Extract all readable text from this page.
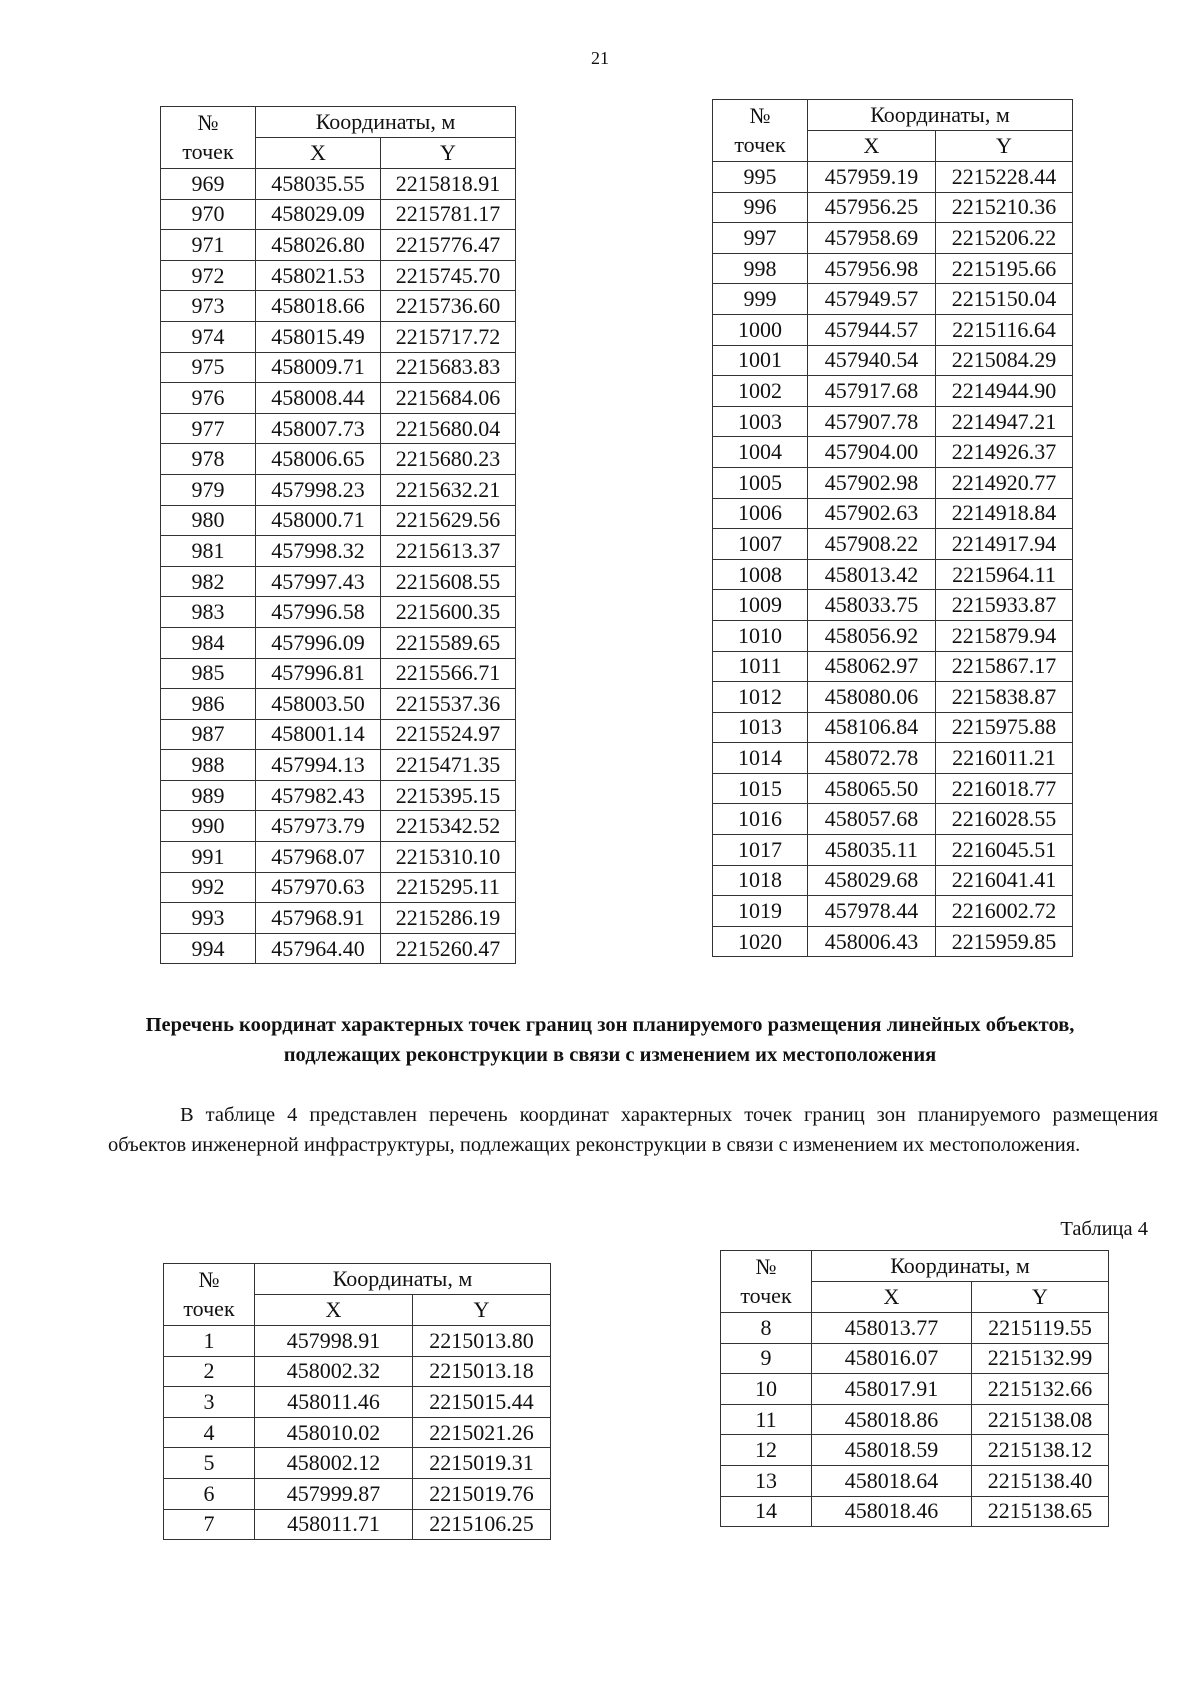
21
№
точек	Координаты, м	
	X	Y
969	458035.55	2215818.91
970	458029.09	2215781.17
971	458026.80	2215776.47
972	458021.53	2215745.70
973	458018.66	2215736.60
974	458015.49	2215717.72
975	458009.71	2215683.83
976	458008.44	2215684.06
977	458007.73	2215680.04
978	458006.65	2215680.23
979	457998.23	2215632.21
980	458000.71	2215629.56
981	457998.32	2215613.37
982	457997.43	2215608.55
983	457996.58	2215600.35
984	457996.09	2215589.65
985	457996.81	2215566.71
986	458003.50	2215537.36
987	458001.14	2215524.97
988	457994.13	2215471.35
989	457982.43	2215395.15
990	457973.79	2215342.52
991	457968.07	2215310.10
992	457970.63	2215295.11
993	457968.91	2215286.19
994	457964.40	2215260.47
№
точек	Координаты, м	
	X	Y
995	457959.19	2215228.44
996	457956.25	2215210.36
997	457958.69	2215206.22
998	457956.98	2215195.66
999	457949.57	2215150.04
1000	457944.57	2215116.64
1001	457940.54	2215084.29
1002	457917.68	2214944.90
1003	457907.78	2214947.21
1004	457904.00	2214926.37
1005	457902.98	2214920.77
1006	457902.63	2214918.84
1007	457908.22	2214917.94
1008	458013.42	2215964.11
1009	458033.75	2215933.87
1010	458056.92	2215879.94
1011	458062.97	2215867.17
1012	458080.06	2215838.87
1013	458106.84	2215975.88
1014	458072.78	2216011.21
1015	458065.50	2216018.77
1016	458057.68	2216028.55
1017	458035.11	2216045.51
1018	458029.68	2216041.41
1019	457978.44	2216002.72
1020	458006.43	2215959.85
Перечень координат характерных точек границ зон планируемого размещения линейных объектов, подлежащих реконструкции в связи с изменением их местоположения
В таблице 4 представлен перечень координат характерных точек границ зон планируемого размещения объектов инженерной инфраструктуры, подлежащих реконструкции в связи с изменением их местоположения.
Таблица 4
№
точек	Координаты, м	
	X	Y
1	457998.91	2215013.80
2	458002.32	2215013.18
3	458011.46	2215015.44
4	458010.02	2215021.26
5	458002.12	2215019.31
6	457999.87	2215019.76
7	458011.71	2215106.25
№
точек	Координаты, м	
	X	Y
8	458013.77	2215119.55
9	458016.07	2215132.99
10	458017.91	2215132.66
11	458018.86	2215138.08
12	458018.59	2215138.12
13	458018.64	2215138.40
14	458018.46	2215138.65
